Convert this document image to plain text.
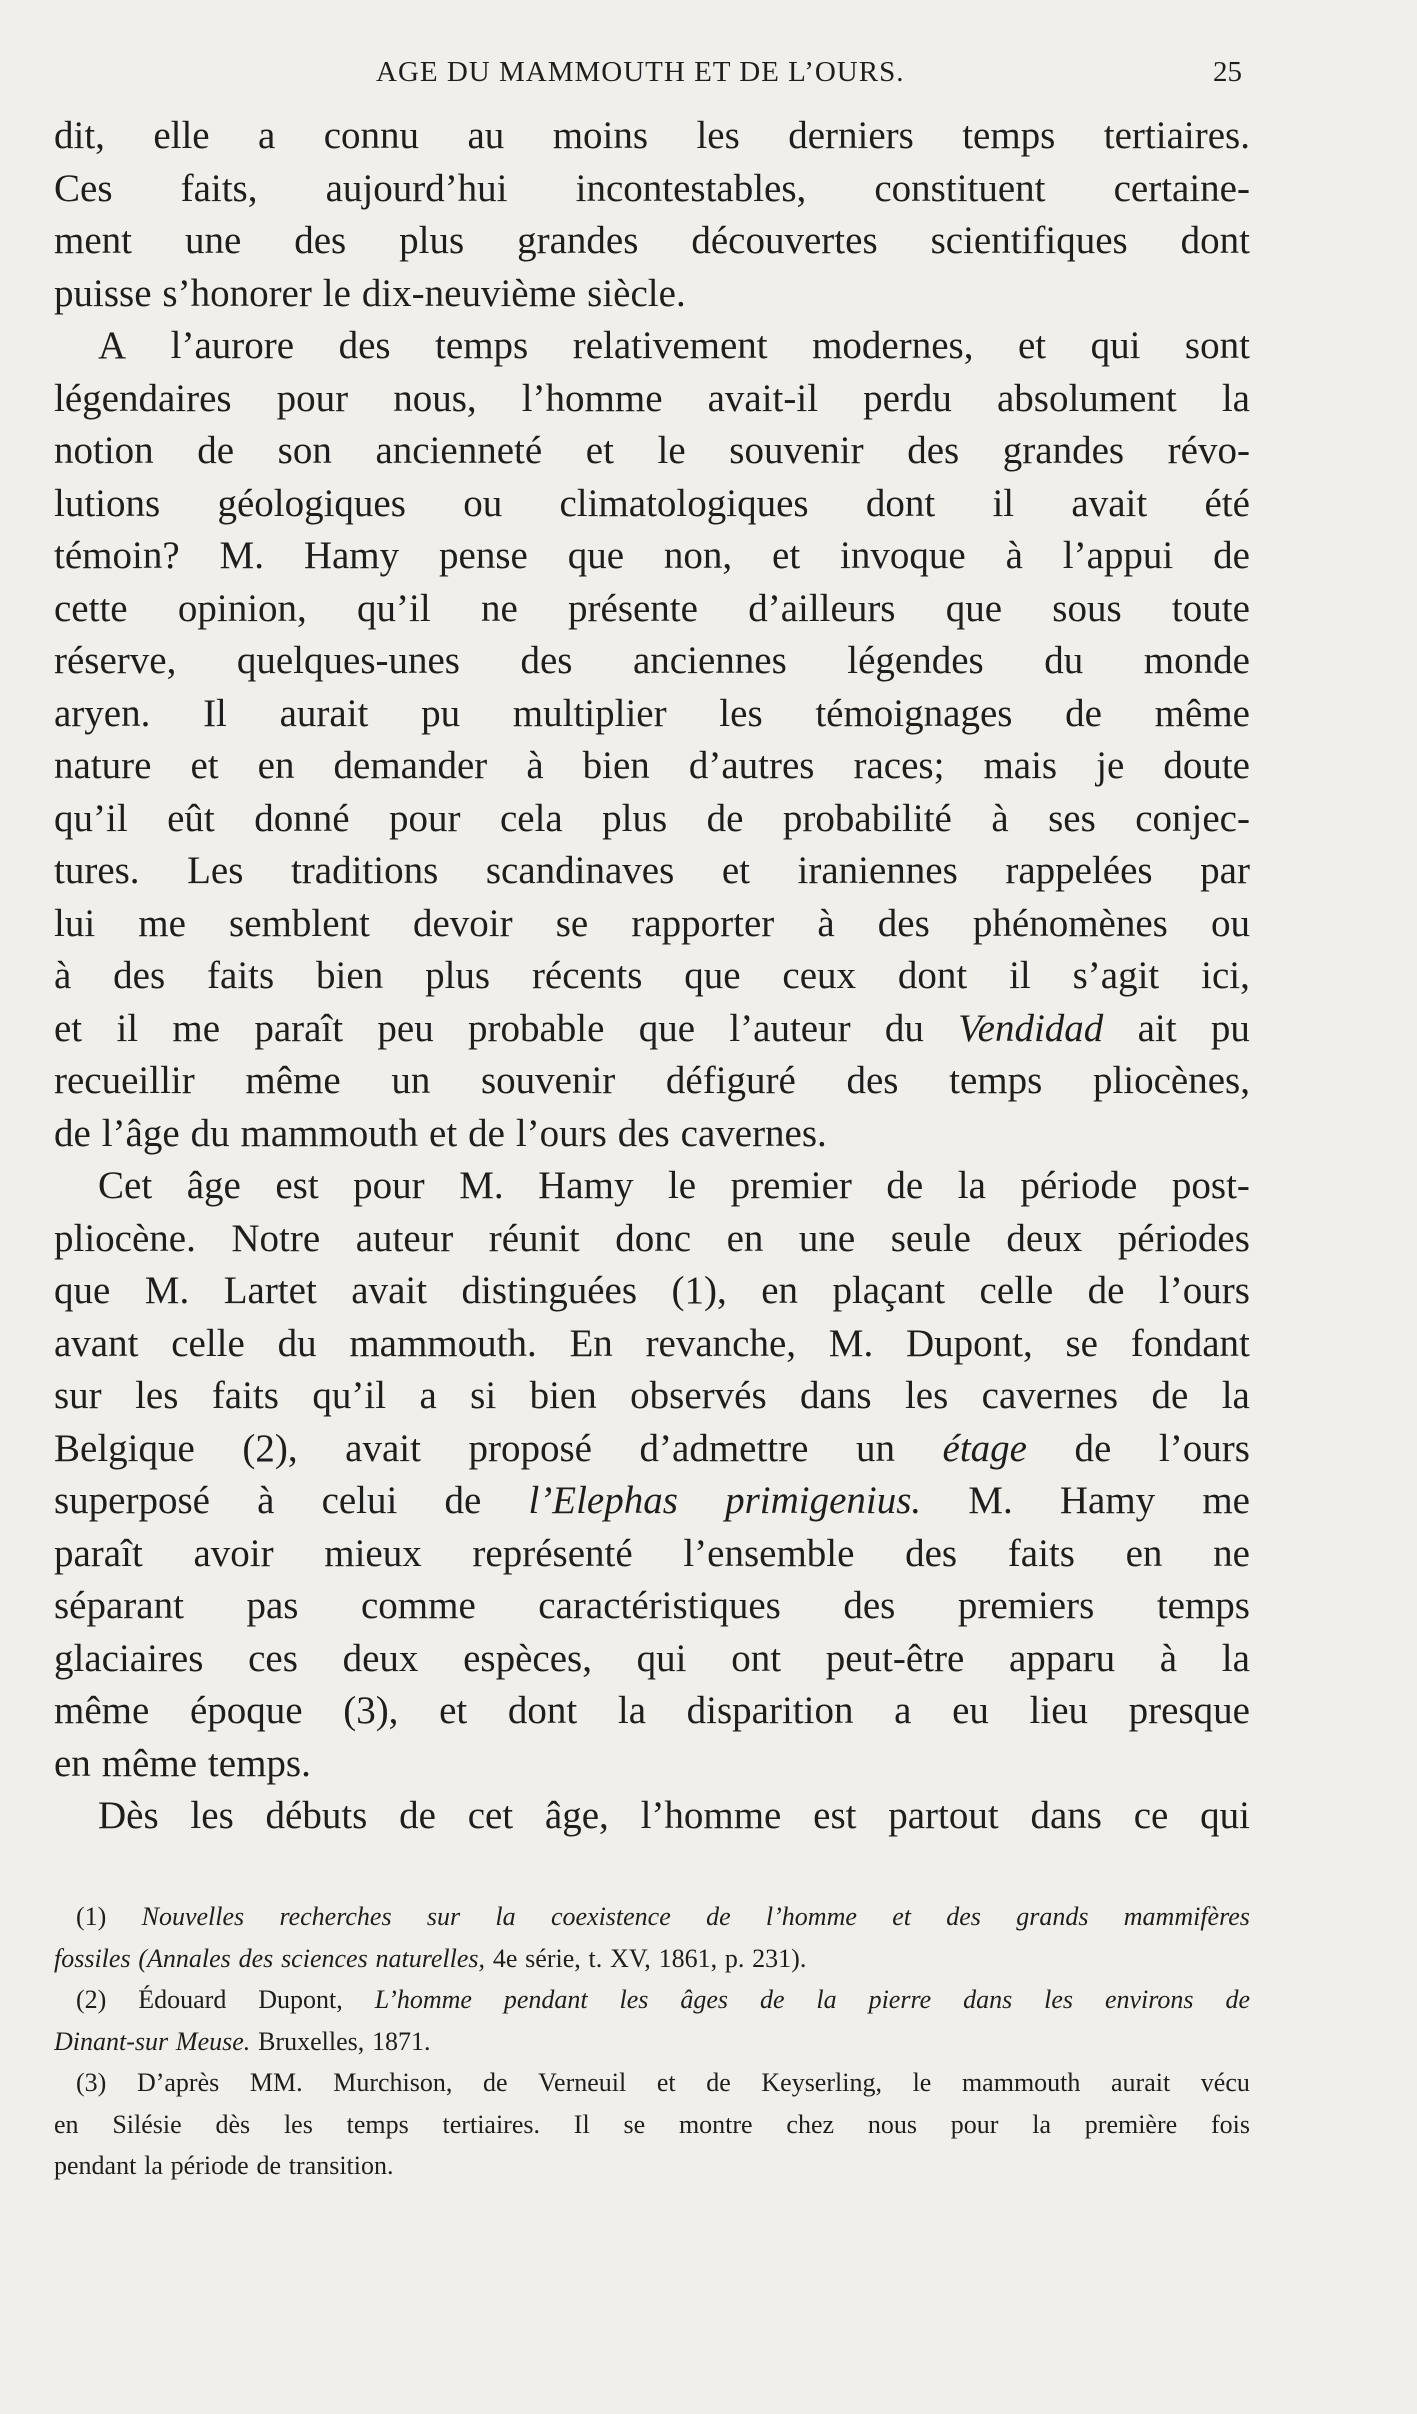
AGE DU MAMMOUTH ET DE L’OURS.	25
dit, elle a connu au moins les derniers temps tertiaires.
Ces faits, aujourd’hui incontestables, constituent certaine-
ment une des plus grandes découvertes scientifiques dont
puisse s’honorer le dix-neuvième siècle.
A l’aurore des temps relativement modernes, et qui sont
légendaires pour nous, l’homme avait-il perdu absolument la
notion de son ancienneté et le souvenir des grandes révo-
lutions géologiques ou climatologiques dont il avait été
témoin? M. Hamy pense que non, et invoque à l’appui de
cette opinion, qu’il ne présente d’ailleurs que sous toute
réserve, quelques-unes des anciennes légendes du monde
aryen. Il aurait pu multiplier les témoignages de même
nature et en demander à bien d’autres races; mais je doute
qu’il eût donné pour cela plus de probabilité à ses conjec-
tures. Les traditions scandinaves et iraniennes rappelées par
lui me semblent devoir se rapporter à des phénomènes ou
à des faits bien plus récents que ceux dont il s’agit ici,
et il me paraît peu probable que l’auteur du Vendidad ait pu
recueillir même un souvenir défiguré des temps pliocènes,
de l’âge du mammouth et de l’ours des cavernes.
Cet âge est pour M. Hamy le premier de la période post-
pliocène. Notre auteur réunit donc en une seule deux périodes
que M. Lartet avait distinguées (1), en plaçant celle de l’ours
avant celle du mammouth. En revanche, M. Dupont, se fondant
sur les faits qu’il a si bien observés dans les cavernes de la
Belgique (2), avait proposé d’admettre un étage de l’ours
superposé à celui de l’Elephas primigenius. M. Hamy me
paraît avoir mieux représenté l’ensemble des faits en ne
séparant pas comme caractéristiques des premiers temps
glaciaires ces deux espèces, qui ont peut-être apparu à la
même époque (3), et dont la disparition a eu lieu presque
en même temps.
Dès les débuts de cet âge, l’homme est partout dans ce qui
(1) Nouvelles recherches sur la coexistence de l’homme et des grands mammifères
fossiles (Annales des sciences naturelles, 4e série, t. XV, 1861, p. 231).
(2) Édouard Dupont, L’homme pendant les âges de la pierre dans les environs de
Dinant-sur Meuse. Bruxelles, 1871.
(3) D’après MM. Murchison, de Verneuil et de Keyserling, le mammouth aurait vécu
en Silésie dès les temps tertiaires. Il se montre chez nous pour la première fois
pendant la période de transition.
